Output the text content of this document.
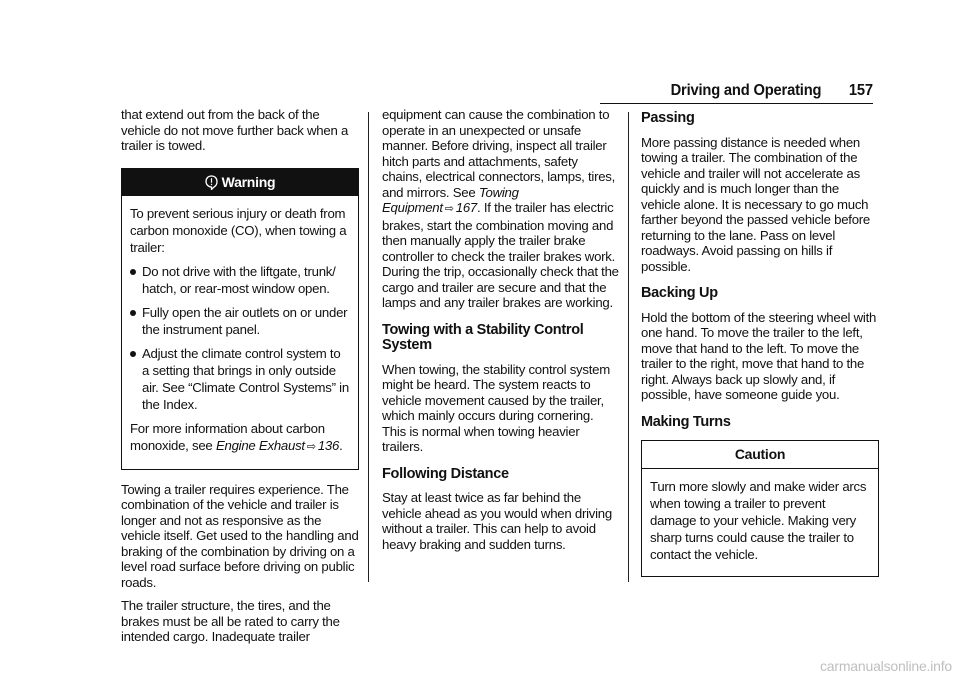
Driving and Operating 157

that extend out from the back of the vehicle do not move further back when a trailer is towed.

Warning

To prevent serious injury or death from carbon monoxide (CO), when towing a trailer:

Do not drive with the liftgate, trunk/ hatch, or rear-most window open.
Fully open the air outlets on or under the instrument panel.
Adjust the climate control system to a setting that brings in only outside air. See “Climate Control Systems” in the Index.

For more information about carbon monoxide, see Engine Exhaust ⇨ 136.

Towing a trailer requires experience. The combination of the vehicle and trailer is longer and not as responsive as the vehicle itself. Get used to the handling and braking of the combination by driving on a level road surface before driving on public roads.

The trailer structure, the tires, and the brakes must be all be rated to carry the intended cargo. Inadequate trailer

equipment can cause the combination to operate in an unexpected or unsafe manner. Before driving, inspect all trailer hitch parts and attachments, safety chains, electrical connectors, lamps, tires, and mirrors. See Towing Equipment ⇨ 167. If the trailer has electric brakes, start the combination moving and then manually apply the trailer brake controller to check the trailer brakes work. During the trip, occasionally check that the cargo and trailer are secure and that the lamps and any trailer brakes are working.

Towing with a Stability Control System

When towing, the stability control system might be heard. The system reacts to vehicle movement caused by the trailer, which mainly occurs during cornering. This is normal when towing heavier trailers.

Following Distance

Stay at least twice as far behind the vehicle ahead as you would when driving without a trailer. This can help to avoid heavy braking and sudden turns.

Passing

More passing distance is needed when towing a trailer. The combination of the vehicle and trailer will not accelerate as quickly and is much longer than the vehicle alone. It is necessary to go much farther beyond the passed vehicle before returning to the lane. Pass on level roadways. Avoid passing on hills if possible.

Backing Up

Hold the bottom of the steering wheel with one hand. To move the trailer to the left, move that hand to the left. To move the trailer to the right, move that hand to the right. Always back up slowly and, if possible, have someone guide you.

Making Turns
Caution

Turn more slowly and make wider arcs when towing a trailer to prevent damage to your vehicle. Making very sharp turns could cause the trailer to contact the vehicle.

carmanualsonline.info
